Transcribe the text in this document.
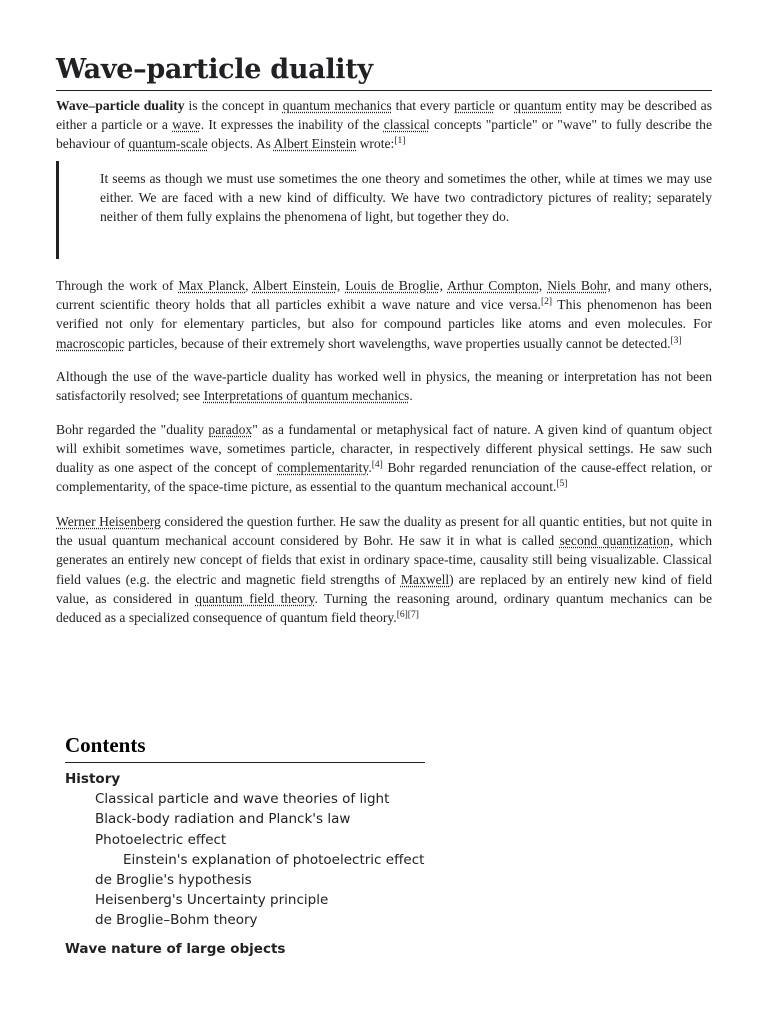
Wave–particle duality

Wave–particle duality is the concept in quantum mechanics that every particle or quantum entity may be described as either a particle or a wave. It expresses the inability of the classical concepts "particle" or "wave" to fully describe the behaviour of quantum-scale objects. As Albert Einstein wrote:[1]

It seems as though we must use sometimes the one theory and sometimes the other, while at times we may use either. We are faced with a new kind of difficulty. We have two contradictory pictures of reality; separately neither of them fully explains the phenomena of light, but together they do.

Through the work of Max Planck, Albert Einstein, Louis de Broglie, Arthur Compton, Niels Bohr, and many others, current scientific theory holds that all particles exhibit a wave nature and vice versa.[2] This phenomenon has been verified not only for elementary particles, but also for compound particles like atoms and even molecules. For macroscopic particles, because of their extremely short wavelengths, wave properties usually cannot be detected.[3]

Although the use of the wave-particle duality has worked well in physics, the meaning or interpretation has not been satisfactorily resolved; see Interpretations of quantum mechanics.

Bohr regarded the "duality paradox" as a fundamental or metaphysical fact of nature. A given kind of quantum object will exhibit sometimes wave, sometimes particle, character, in respectively different physical settings. He saw such duality as one aspect of the concept of complementarity.[4] Bohr regarded renunciation of the cause-effect relation, or complementarity, of the space-time picture, as essential to the quantum mechanical account.[5]

Werner Heisenberg considered the question further. He saw the duality as present for all quantic entities, but not quite in the usual quantum mechanical account considered by Bohr. He saw it in what is called second quantization, which generates an entirely new concept of fields that exist in ordinary space-time, causality still being visualizable. Classical field values (e.g. the electric and magnetic field strengths of Maxwell) are replaced by an entirely new kind of field value, as considered in quantum field theory. Turning the reasoning around, ordinary quantum mechanics can be deduced as a specialized consequence of quantum field theory.[6][7]

Contents
History
Classical particle and wave theories of light
Black-body radiation and Planck's law
Photoelectric effect
Einstein's explanation of photoelectric effect
de Broglie's hypothesis
Heisenberg's Uncertainty principle
de Broglie–Bohm theory
Wave nature of large objects
